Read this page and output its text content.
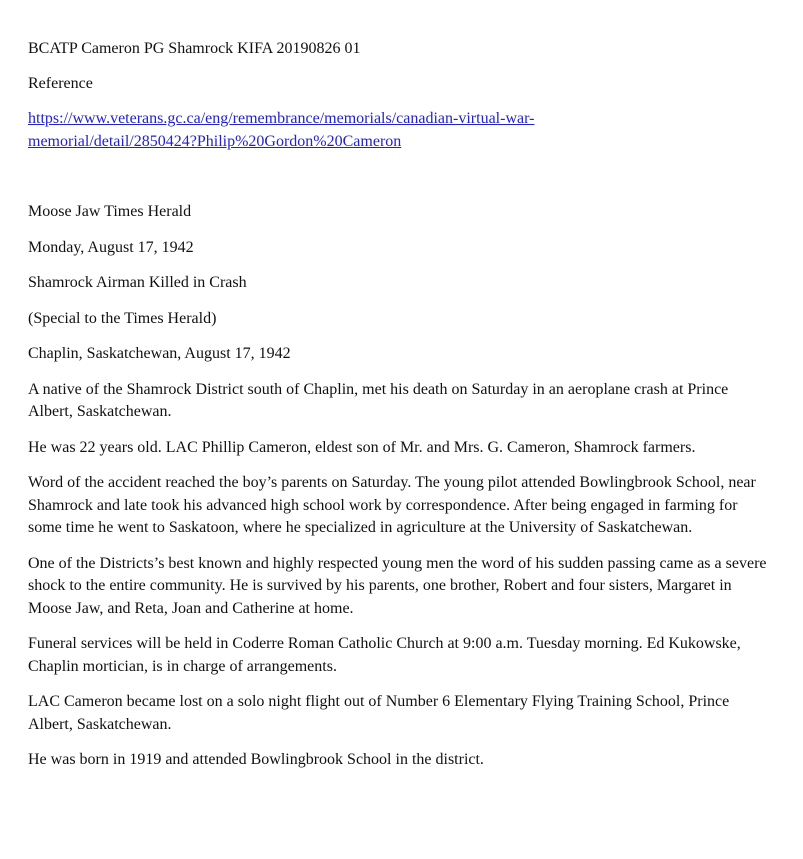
BCATP Cameron PG Shamrock KIFA 20190826 01

Reference

https://www.veterans.gc.ca/eng/remembrance/memorials/canadian-virtual-war-
memorial/detail/2850424?Philip%20Gordon%20Cameron

Moose Jaw Times Herald

Monday, August 17, 1942

Shamrock Airman Killed in Crash

(Special to the Times Herald)

Chaplin, Saskatchewan, August 17, 1942

A native of the Shamrock District south of Chaplin, met his death on Saturday in an aeroplane crash at Prince Albert, Saskatchewan.

He was 22 years old. LAC Phillip Cameron, eldest son of Mr. and Mrs. G. Cameron, Shamrock farmers.

Word of the accident reached the boy’s parents on Saturday. The young pilot attended Bowlingbrook School, near Shamrock and late took his advanced high school work by correspondence. After being engaged in farming for some time he went to Saskatoon, where he specialized in agriculture at the University of Saskatchewan.

One of the Districts’s best known and highly respected young men the word of his sudden passing came as a severe shock to the entire community. He is survived by his parents, one brother, Robert and four sisters, Margaret in Moose Jaw, and Reta, Joan and Catherine at home.

Funeral services will be held in Coderre Roman Catholic Church at 9:00 a.m. Tuesday morning. Ed Kukowske, Chaplin mortician, is in charge of arrangements.

LAC Cameron became lost on a solo night flight out of Number 6 Elementary Flying Training School, Prince Albert, Saskatchewan.

He was born in 1919 and attended Bowlingbrook School in the district.
